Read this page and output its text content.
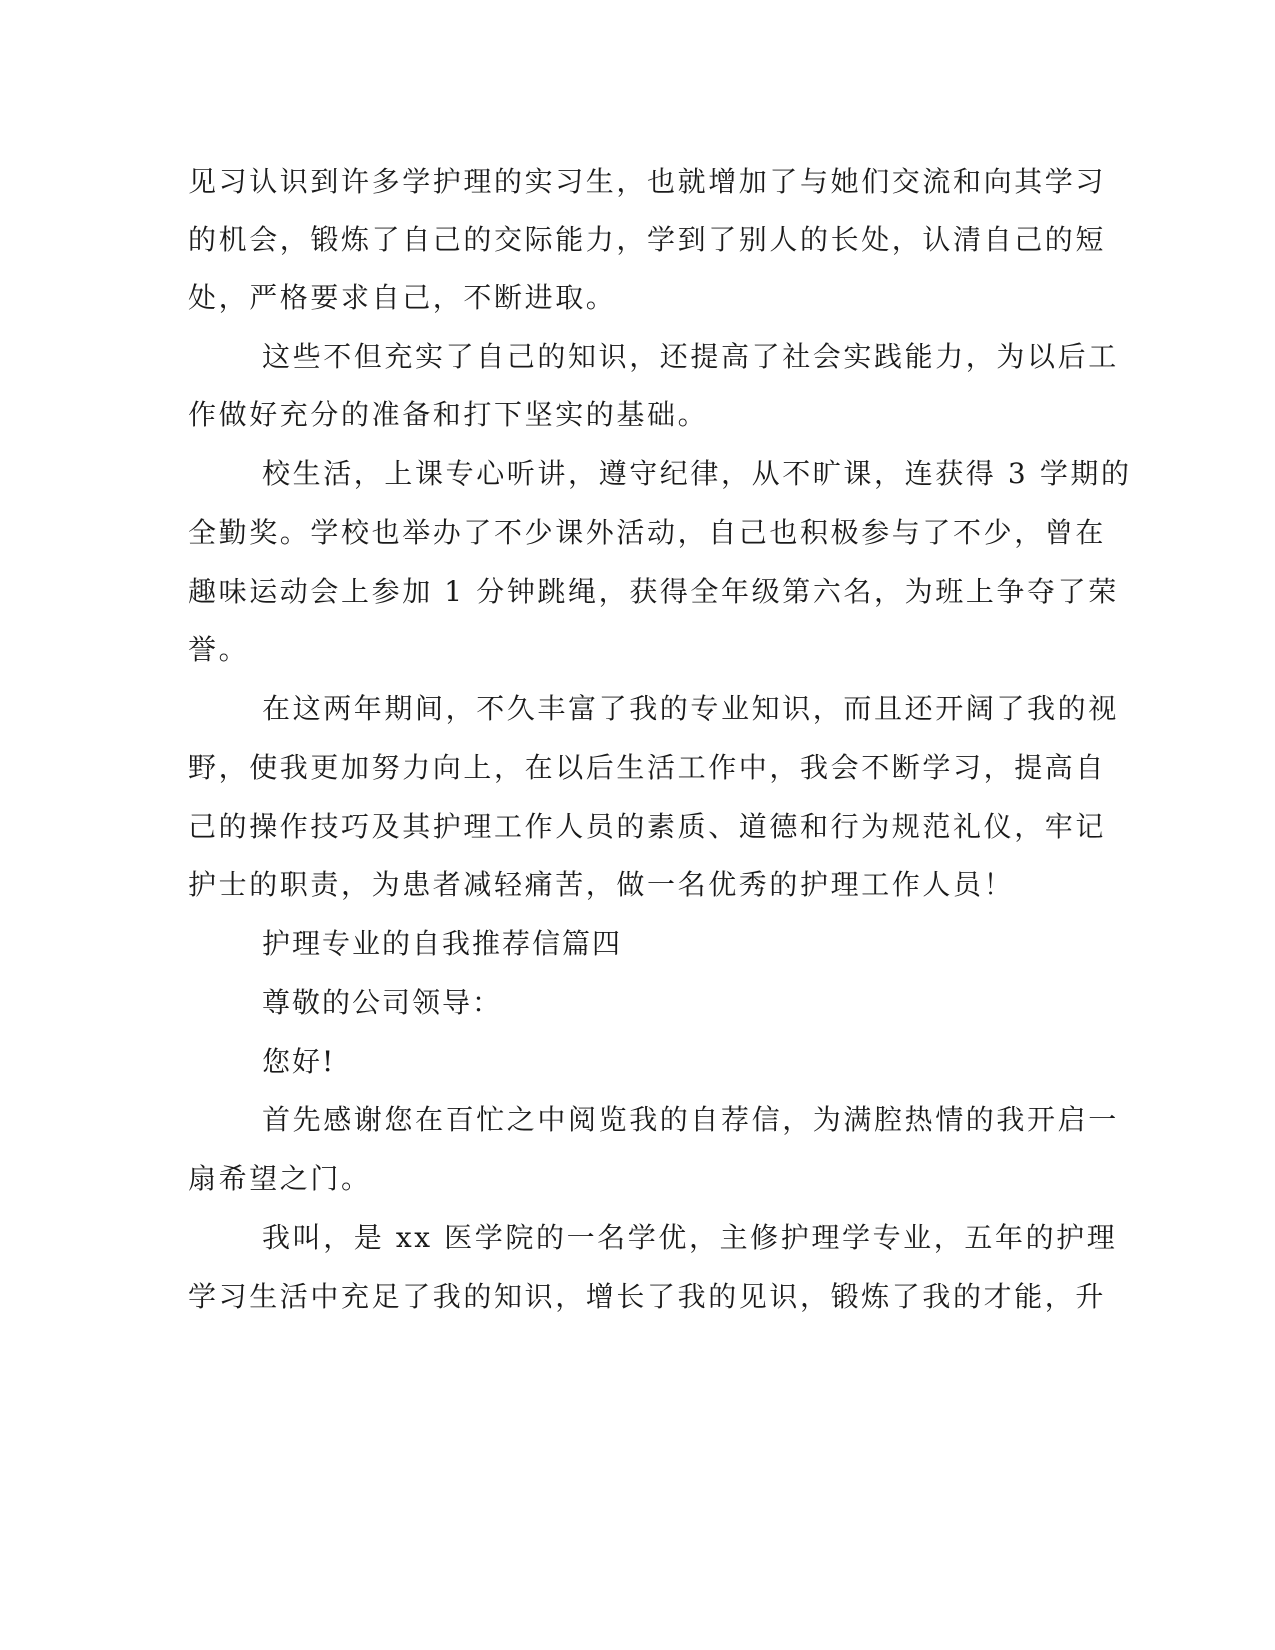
见习认识到许多学护理的实习生，也就增加了与她们交流和向其学习
的机会，锻炼了自己的交际能力，学到了别人的长处，认清自己的短
处，严格要求自己，不断进取。
这些不但充实了自己的知识，还提高了社会实践能力，为以后工
作做好充分的准备和打下坚实的基础。
校生活，上课专心听讲，遵守纪律，从不旷课，连获得 3 学期的
全勤奖。学校也举办了不少课外活动，自己也积极参与了不少，曾在
趣味运动会上参加 1 分钟跳绳，获得全年级第六名，为班上争夺了荣
誉。
在这两年期间，不久丰富了我的专业知识，而且还开阔了我的视
野，使我更加努力向上，在以后生活工作中，我会不断学习，提高自
己的操作技巧及其护理工作人员的素质、道德和行为规范礼仪，牢记
护士的职责，为患者减轻痛苦，做一名优秀的护理工作人员！
护理专业的自我推荐信篇四
尊敬的公司领导：
您好!
首先感谢您在百忙之中阅览我的自荐信，为满腔热情的我开启一
扇希望之门。
我叫，是 xx 医学院的一名学优，主修护理学专业，五年的护理
学习生活中充足了我的知识，增长了我的见识，锻炼了我的才能，升
